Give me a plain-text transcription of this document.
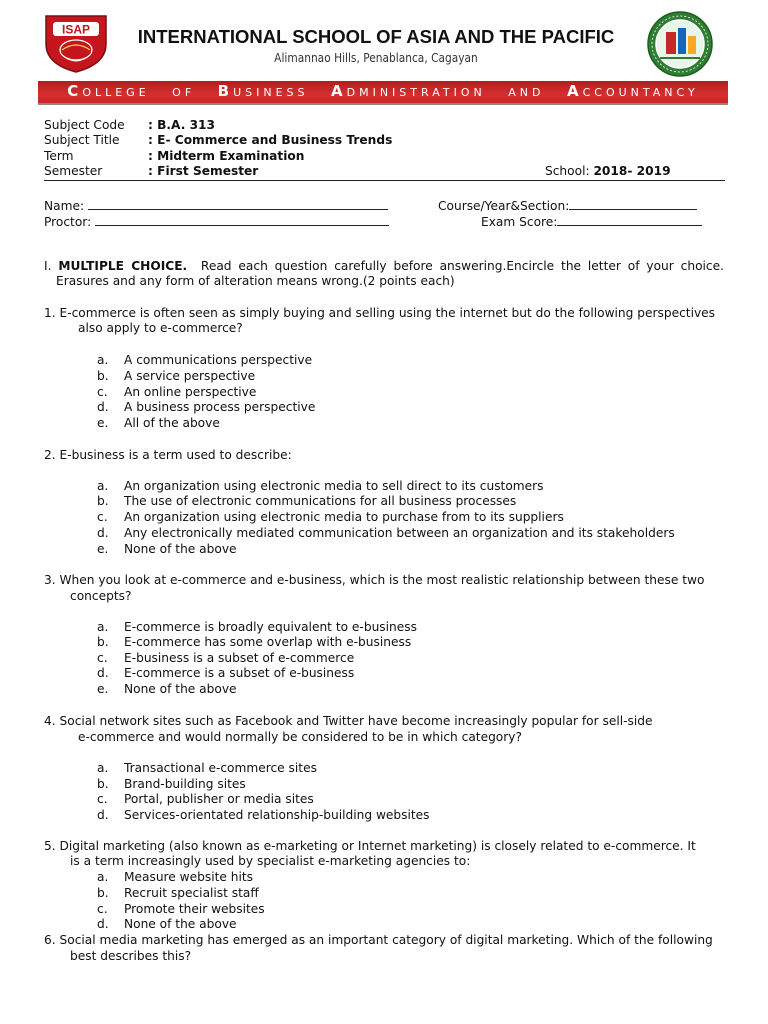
ISAP	INTERNATIONAL SCHOOL OF ASIA AND THE PACIFIC
Alimannao Hills, Penablanca, Cagayan
COLLEGE OF BUSINESS ADMINISTRATION AND ACCOUNTANCY
Subject Code : B.A. 313
Subject Title : E- Commerce and Business Trends
Term	: Midterm Examination
Semester	: First Semester	School: 2018- 2019
Name:
Proctor:
Course/Year&Section:
Exam Score:
I. MULTIPLE CHOICE. Read each question carefully before answering.Encircle the letter of your choice.
Erasures and any form of alteration means wrong.(2 points each)
1. E-commerce is often seen as simply buying and selling using the internet but do the following perspectives
also apply to e-commerce?
a. A communications perspective
b. A service perspective
c. An online perspective
d. A business process perspective
e. All of the above
2. E-business is a term used to describe:
a. An organization using electronic media to sell direct to its customers
b. The use of electronic communications for all business processes
c. An organization using electronic media to purchase from to its suppliers
d. Any electronically mediated communication between an organization and its stakeholders
e. None of the above
3. When you look at e-commerce and e-business, which is the most realistic relationship between these two
concepts?
a. E-commerce is broadly equivalent to e-business
b. E-commerce has some overlap with e-business
c. E-business is a subset of e-commerce
d. E-commerce is a subset of e-business
e. None of the above
4. Social network sites such as Facebook and Twitter have become increasingly popular for sell-side
e-commerce and would normally be considered to be in which category?
a. Transactional e-commerce sites
b. Brand-building sites
c. Portal, publisher or media sites
d. Services-orientated relationship-building websites
5. Digital marketing (also known as e-marketing or Internet marketing) is closely related to e-commerce. It
is a term increasingly used by specialist e-marketing agencies to:
a. Measure website hits
b. Recruit specialist staff
c. Promote their websites
d. None of the above
6. Social media marketing has emerged as an important category of digital marketing. Which of the following
best describes this?
